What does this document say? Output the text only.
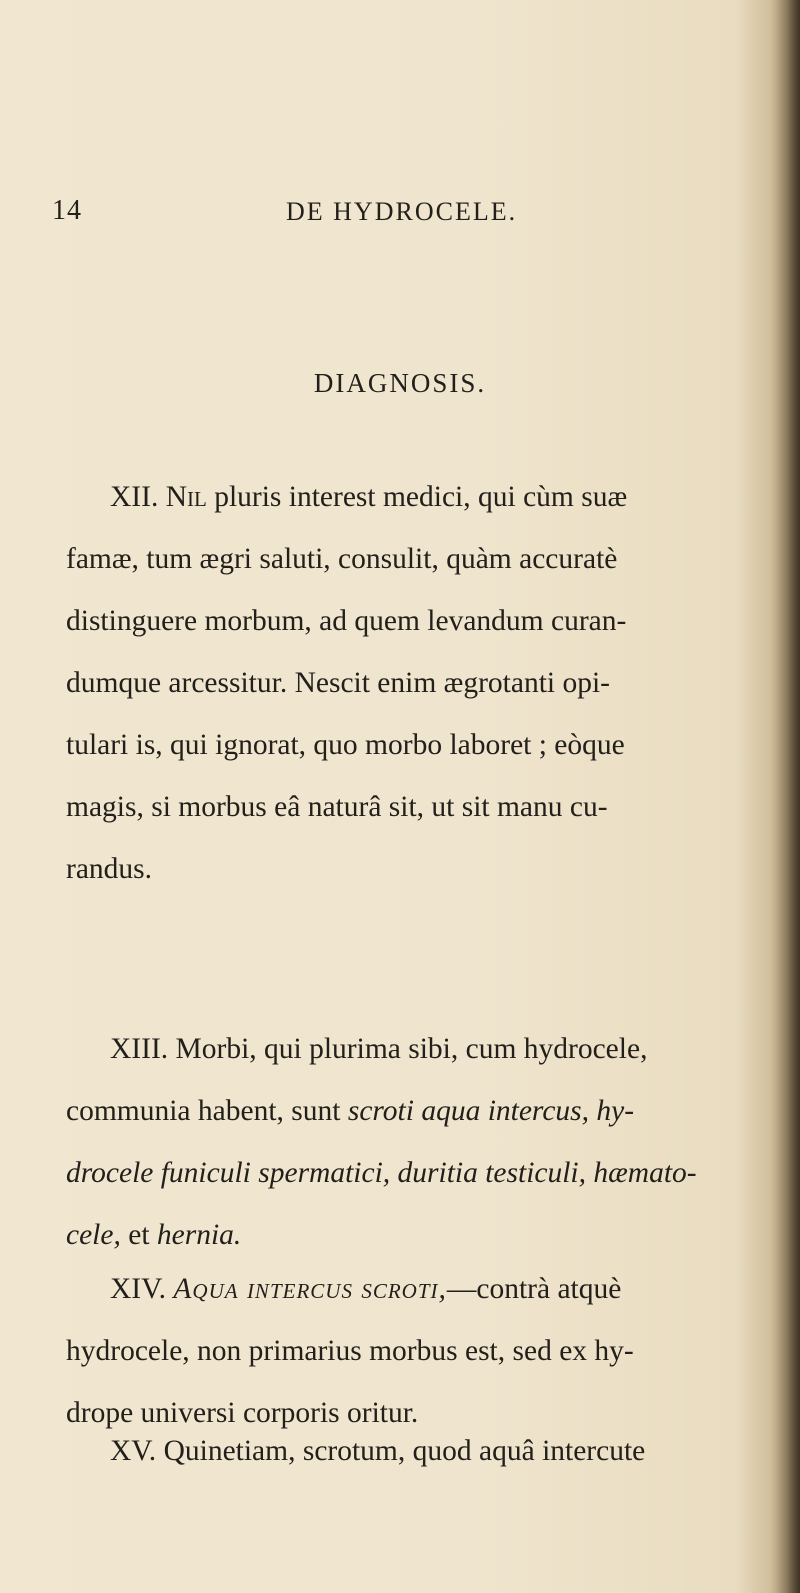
14	DE HYDROCELE.
DIAGNOSIS.
XII. Nil pluris interest medici, qui cùm suæ
famæ, tum ægri saluti, consulit, quàm accuratè
distinguere morbum, ad quem levandum curan-
dumque arcessitur. Nescit enim ægrotanti opi-
tulari is, qui ignorat, quo morbo laboret ; eòque
magis, si morbus eâ naturâ sit, ut sit manu cu-
randus.
XIII. Morbi, qui plurima sibi, cum hydrocele,
communia habent, sunt scroti aqua intercus, hy-
drocele funiculi spermatici, duritia testiculi, hæmato-
cele, et hernia.
XIV. Aqua intercus scroti,—contrà atquè
hydrocele, non primarius morbus est, sed ex hy-
drope universi corporis oritur.
XV. Quinetiam, scrotum, quod aquâ intercute
